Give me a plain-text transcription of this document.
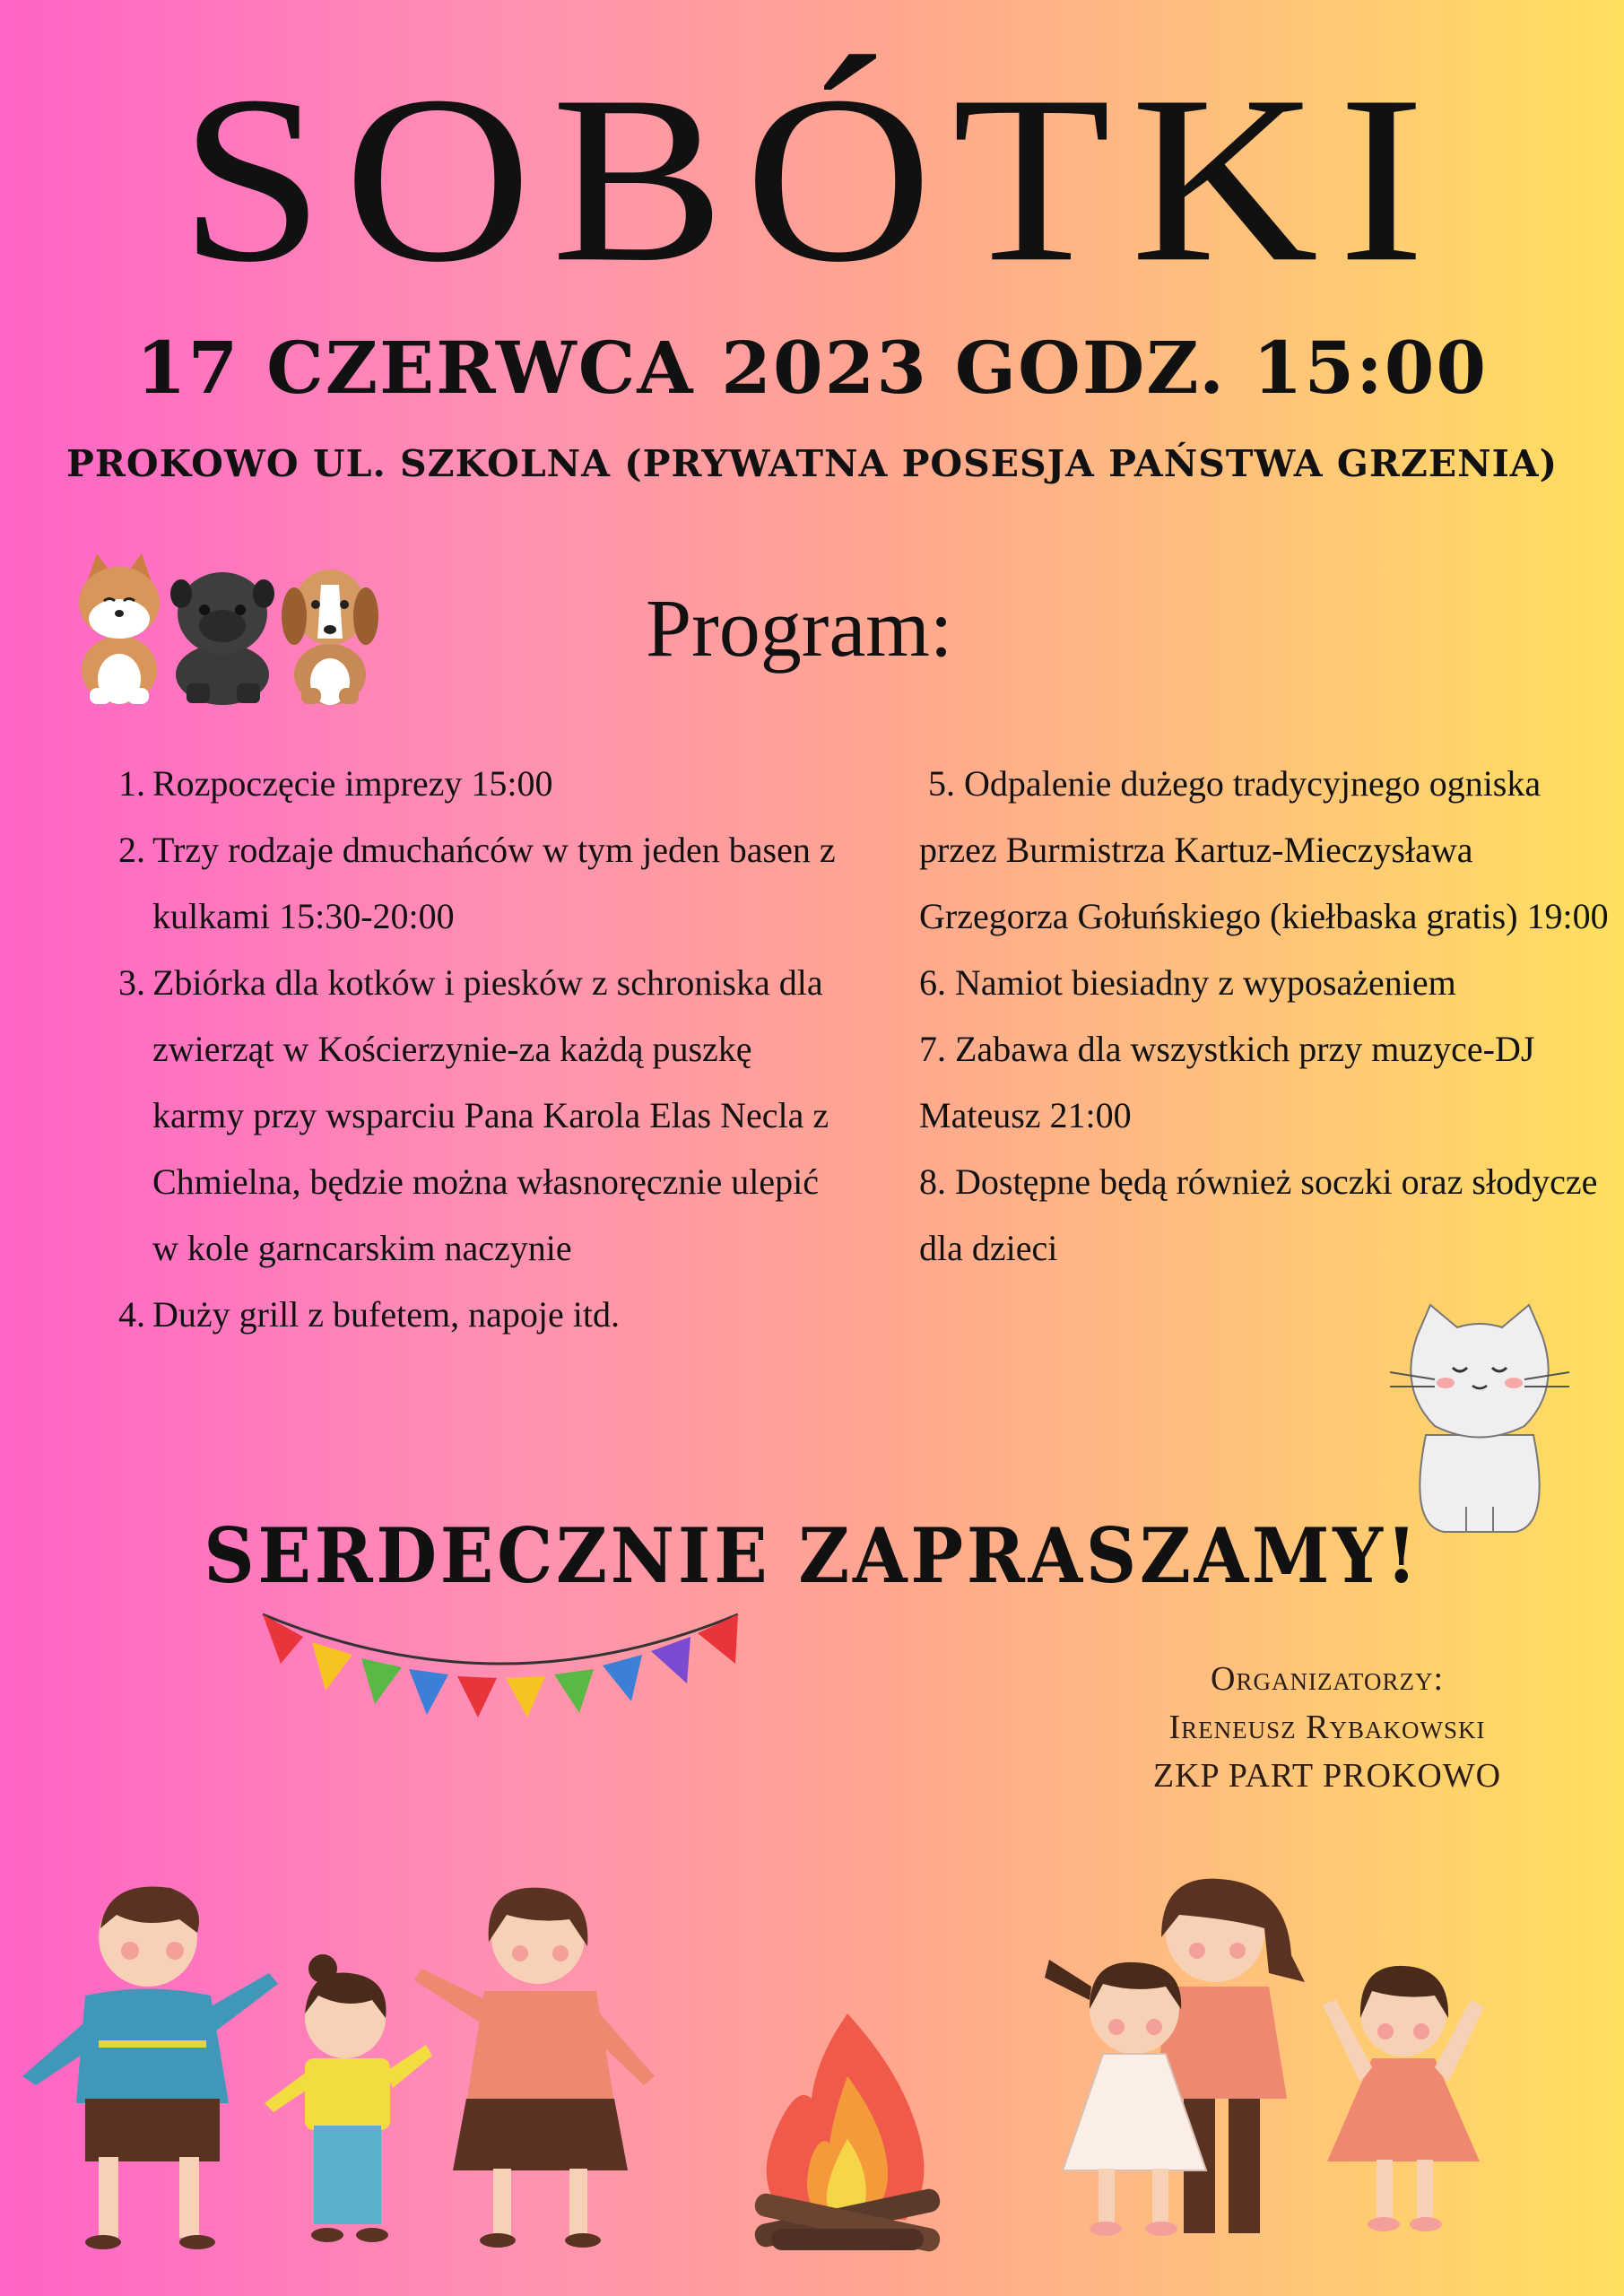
SOBÓTKI
17 CZERWCA 2023 GODZ. 15:00
PROKOWO UL. SZKOLNA (PRYWATNA POSESJA PAŃSTWA GRZENIA)
Program:
1. Rozpoczęcie imprezy 15:00
2. Trzy rodzaje dmuchańców w tym jeden basen z kulkami 15:30-20:00
3. Zbiórka dla kotków i piesków z schroniska dla zwierząt w Kościerzynie-za każdą puszkę karmy przy wsparciu Pana Karola Elas Necla z Chmielna, będzie można własnoręcznie ulepić w kole garncarskim naczynie
4. Duży grill z bufetem, napoje itd.
5. Odpalenie dużego tradycyjnego ogniska przez Burmistrza Kartuz-Mieczysława Grzegorza Gołuńskiego (kiełbaska gratis) 19:00
6. Namiot biesiadny z wyposażeniem
7. Zabawa dla wszystkich przy muzyce-DJ Mateusz 21:00
8. Dostępne będą również soczki oraz słodycze dla dzieci
SERDECZNIE ZAPRASZAMY!
Organizatorzy:
Ireneusz Rybakowski
ZKP PART PROKOWO
